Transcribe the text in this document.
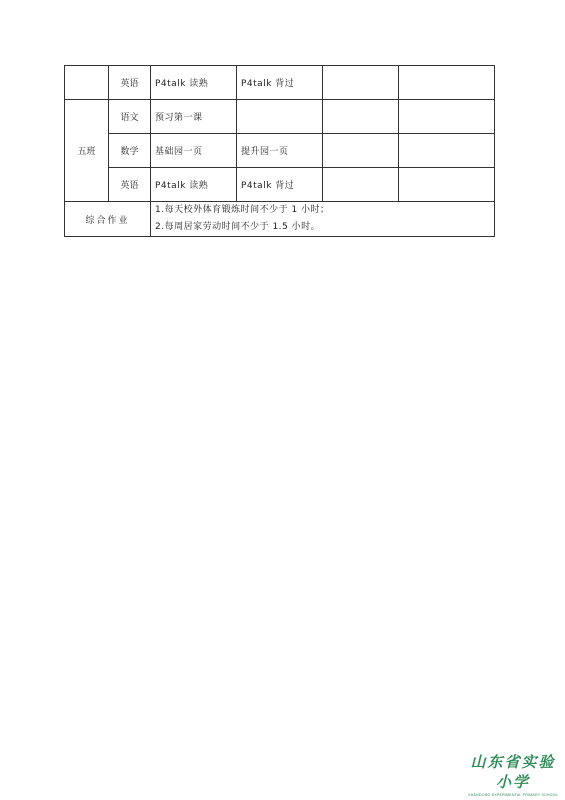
	英语	P4talk 读熟	P4talk 背过		
五班	语文	预习第一课			
	数学	基础园一页	提升园一页		
	英语	P4talk 读熟	P4talk 背过		
综合作业		1.每天校外体育锻炼时间不少于 1 小时；
2.每周居家劳动时间不少于 1.5 小时。			
山东省实验小学
SHANDONG EXPERIMENTAL PRIMARY SCHOOL
